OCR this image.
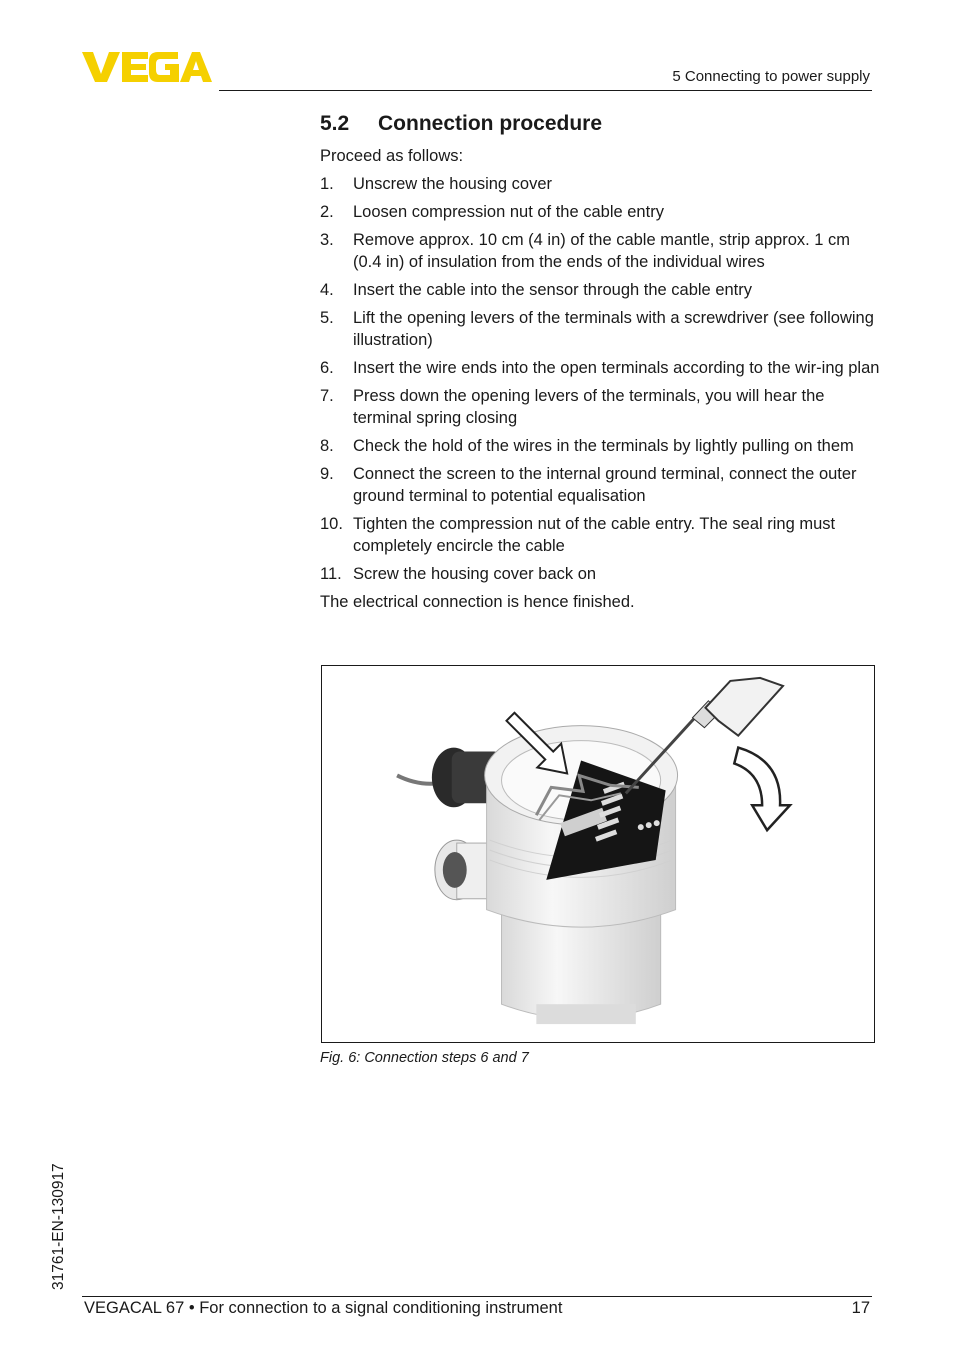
5 Connecting to power supply
5.2	Connection procedure

Proceed as follows:

1.	Unscrew the housing cover
2.	Loosen compression nut of the cable entry
3.	Remove approx. 10 cm (4 in) of the cable mantle, strip approx. 1 cm (0.4 in) of insulation from the ends of the individual wires
4.	Insert the cable into the sensor through the cable entry
5.	Lift the opening levers of the terminals with a screwdriver (see following illustration)
6.	Insert the wire ends into the open terminals according to the wir-ing plan
7.	Press down the opening levers of the terminals, you will hear the terminal spring closing
8.	Check the hold of the wires in the terminals by lightly pulling on them
9.	Connect the screen to the internal ground terminal, connect the outer ground terminal to potential equalisation
10. Tighten the compression nut of the cable entry. The seal ring must completely encircle the cable
11. Screw the housing cover back on

The electrical connection is hence finished.

Fig. 6: Connection steps 6 and 7
31761-EN-130917
VEGACAL 67 • For connection to a signal conditioning instrument	17
